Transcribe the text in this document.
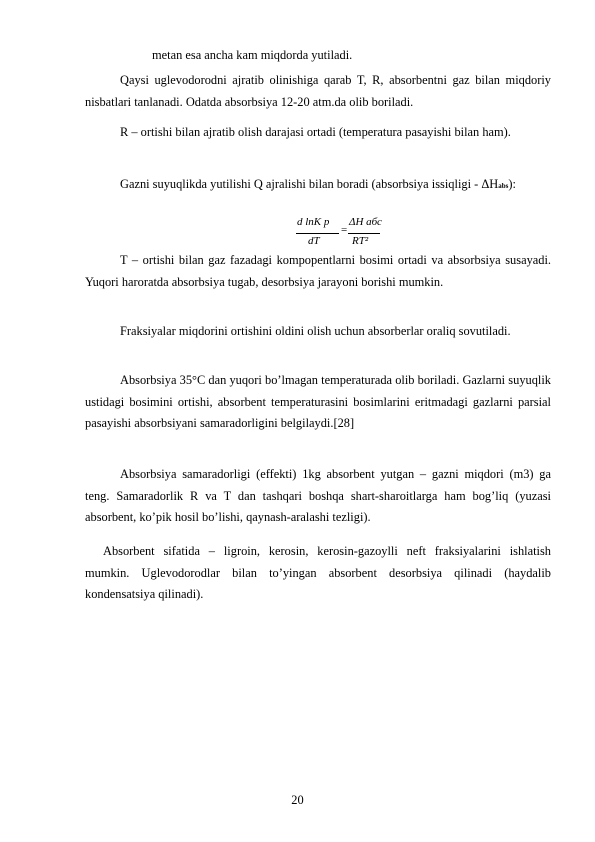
metan esa ancha kam miqdorda yutiladi.

Qaysi uglevodorodni ajratib olinishiga qarab T, R, absorbentni gaz bilan miqdoriy nisbatlari tanlanadi. Odatda absorbsiya 12-20 atm.da olib boriladi.

R – ortishi bilan ajratib olish darajasi ortadi (temperatura pasayishi bilan ham).

Gazni suyuqlikda yutilishi Q ajralishi bilan boradi (absorbsiya issiqligi - ΔHabs):

d lnK p
dT
=
ΔH абс
RT²

T – ortishi bilan gaz fazadagi kompopentlarni bosimi ortadi va absorbsiya susayadi. Yuqori haroratda absorbsiya tugab, desorbsiya jarayoni borishi mumkin.

Fraksiyalar miqdorini ortishini oldini olish uchun absorberlar oraliq sovutiladi.

Absorbsiya 35°C dan yuqori bo’lmagan temperaturada olib boriladi. Gazlarni suyuqlik ustidagi bosimini ortishi, absorbent temperaturasini bosimlarini eritmadagi gazlarni parsial pasayishi absorbsiyani samaradorligini belgilaydi.[28]

Absorbsiya samaradorligi (effekti) 1kg absorbent yutgan – gazni miqdori (m3) ga teng. Samaradorlik R va T dan tashqari boshqa shart-sharoitlarga ham bog’liq (yuzasi absorbent, ko’pik hosil bo’lishi, qaynash-aralashi tezligi).

Absorbent sifatida – ligroin, kerosin, kerosin-gazoylli neft fraksiyalarini ishlatish mumkin. Uglevodorodlar bilan to’yingan absorbent desorbsiya qilinadi (haydalib kondensatsiya qilinadi).

20
